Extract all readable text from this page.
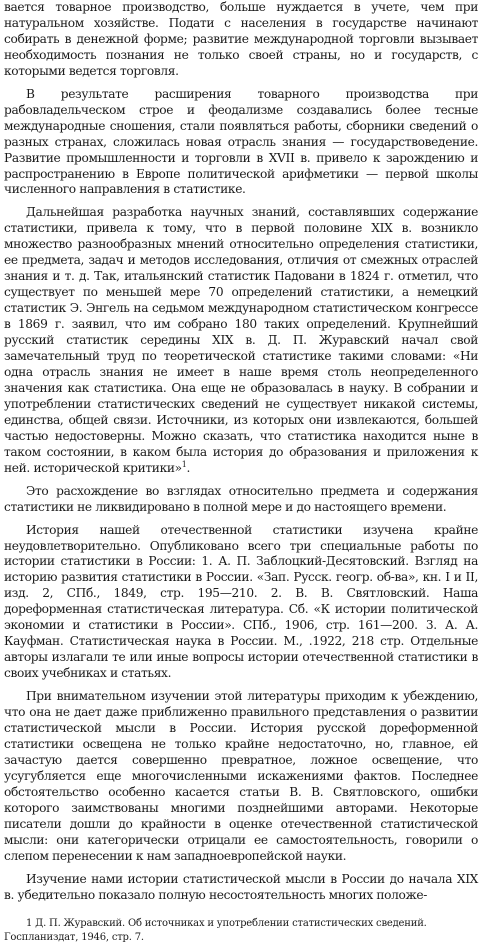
вается товарное производство, больше нуждается в учете, чем при натуральном хозяйстве. Подати с населения в государстве начинают собирать в денежной форме; развитие международной торговли вызывает необходимость познания не только своей страны, но и государств, с которыми ведется торговля.

В результате расширения товарного производства при рабовладельческом строе и феодализме создавались более тесные международные сношения, стали появляться работы, сборники сведений о разных странах, сложилась новая отрасль знания — государствоведение. Развитие промышленности и торговли в XVII в. привело к зарождению и распространению в Европе политической арифметики — первой школы численного направления в статистике.

Дальнейшая разработка научных знаний, составлявших содержание статистики, привела к тому, что в первой половине XIX в. возникло множество разнообразных мнений относительно определения статистики, ее предмета, задач и методов исследования, отличия от смежных отраслей знания и т. д. Так, итальянский статистик Падовани в 1824 г. отметил, что существует по меньшей мере 70 определений статистики, а немецкий статистик Э. Энгель на седьмом международном статистическом конгрессе в 1869 г. заявил, что им собрано 180 таких определений. Крупнейший русский статистик середины XIX в. Д. П. Журавский начал свой замечательный труд по теоретической статистике такими словами: «Ни одна отрасль знания не имеет в наше время столь неопределенного значения как статистика. Она еще не образовалась в науку. В собрании и употреблении статистических сведений не существует никакой системы, единства, общей связи. Источники, из которых они извлекаются, большей частью недостоверны. Можно сказать, что статистика находится ныне в таком состоянии, в каком была история до образования и приложения к ней. исторической критики»$^1$.

Это расхождение во взглядах относительно предмета и содержания статистики не ликвидировано в полной мере и до настоящего времени.

История нашей отечественной статистики изучена крайне неудовлетворительно. Опубликовано всего три специальные работы по истории статистики в России: 1. А. П. Заблоцкий-Десятовский. Взгляд на историю развития статистики в России. «Зап. Русск. геогр. об-ва», кн. I и II, изд. 2, СПб., 1849, стр. 195—210. 2. В. В. Святловский. Наша дореформенная статистическая литература. Сб. «К истории политической экономии и статистики в России». СПб., 1906, стр. 161—200. 3. А. А. Кауфман. Статистическая наука в России. М., .1922, 218 стр. Отдельные авторы излагали те или иные вопросы истории отечественной статистики в своих учебниках и статьях.

При внимательном изучении этой литературы приходим к убеждению, что она не дает даже приближенно правильного представления о развитии статистической мысли в России. История русской дореформенной статистики освещена не только крайне недостаточно, но, главное, ей зачастую дается совершенно превратное, ложное освещение, что усугубляется еще многочисленными искажениями фактов. Последнее обстоятельство особенно касается статьи В. В. Святловского, ошибки которого заимствованы многими позднейшими авторами. Некоторые писатели дошли до крайности в оценке отечественной статистической мысли: они категорически отрицали ее самостоятельность, говорили о слепом перенесении к нам западноевропейской науки.

Изучение нами истории статистической мысли в России до начала XIX в. убедительно показало полную несостоятельность многих положе-

1 Д. П. Журавский. Об источниках и употреблении статистических сведений.

Госпланиздат, 1946, стр. 7.
